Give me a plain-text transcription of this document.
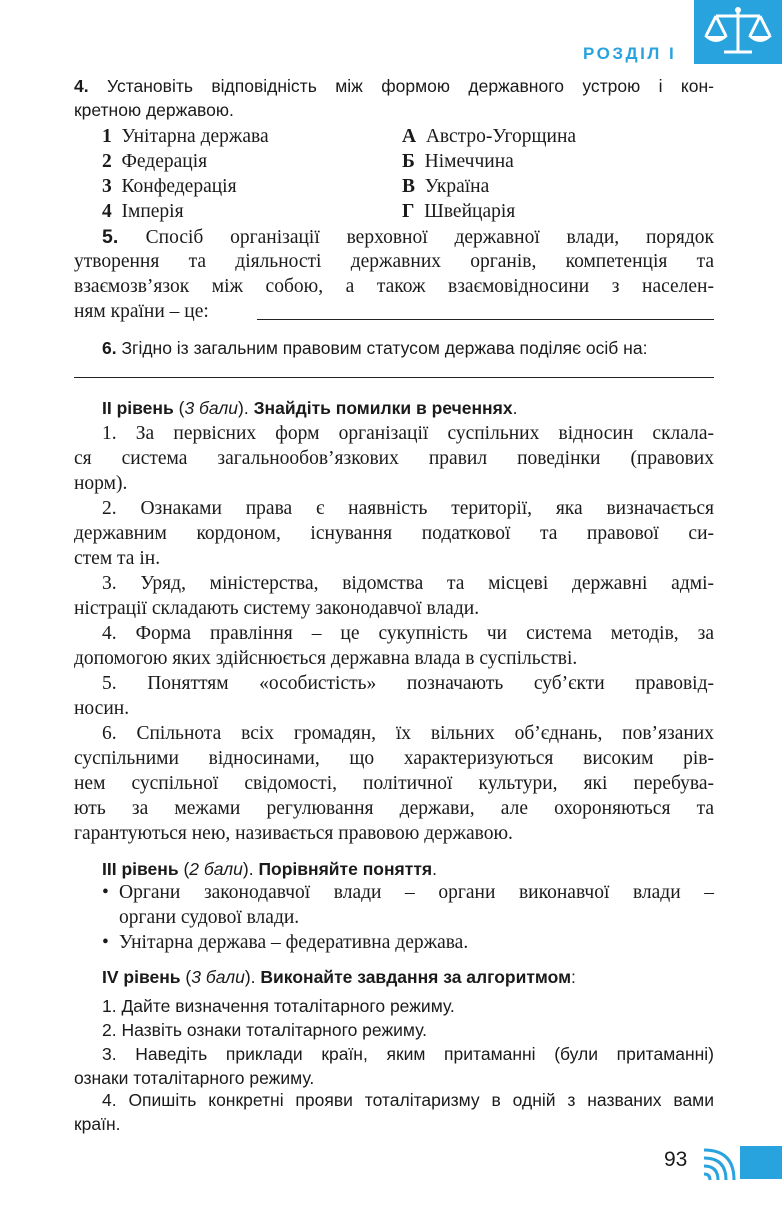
РОЗДІЛ I
4. Установіть відповідність між формою державного устрою і кон-
кретною державою.
1 Унітарна держава
2 Федерація
3 Конфедерація
4 Імперія
А Австро-Угорщина
Б Німеччина
В Україна
Г Швейцарія
5. Спосіб організації верховної державної влади, порядок
утворення та діяльності державних органів, компетенція та
взаємозв’язок між собою, а також взаємовідносини з населен-
ням країни – це:
6. Згідно із загальним правовим статусом держава поділяє осіб на:
II рівень (3 бали). Знайдіть помилки в реченнях.
1. За первісних форм організації суспільних відносин склала-
ся система загальнообов’язкових правил поведінки (правових
норм).
2. Ознаками права є наявність території, яка визначається
державним кордоном, існування податкової та правової си-
стем та ін.
3. Уряд, міністерства, відомства та місцеві державні адмі-
ністрації складають систему законодавчої влади.
4. Форма правління – це сукупність чи система методів, за
допомогою яких здійснюється державна влада в суспільстві.
5. Поняттям «особистість» позначають суб’єкти правовід-
носин.
6. Спільнота всіх громадян, їх вільних об’єднань, пов’язаних
суспільними відносинами, що характеризуються високим рів-
нем суспільної свідомості, політичної культури, які перебува-
ють за межами регулювання держави, але охороняються та
гарантуються нею, називається правовою державою.
III рівень (2 бали). Порівняйте поняття.
• Органи законодавчої влади – органи виконавчої влади –
органи судової влади.
• Унітарна держава – федеративна держава.
IV рівень (3 бали). Виконайте завдання за алгоритмом:
1. Дайте визначення тоталітарного режиму.
2. Назвіть ознаки тоталітарного режиму.
3. Наведіть приклади країн, яким притаманні (були притаманні)
ознаки тоталітарного режиму.
4. Опишіть конкретні прояви тоталітаризму в одній з названих вами
країн.
93
